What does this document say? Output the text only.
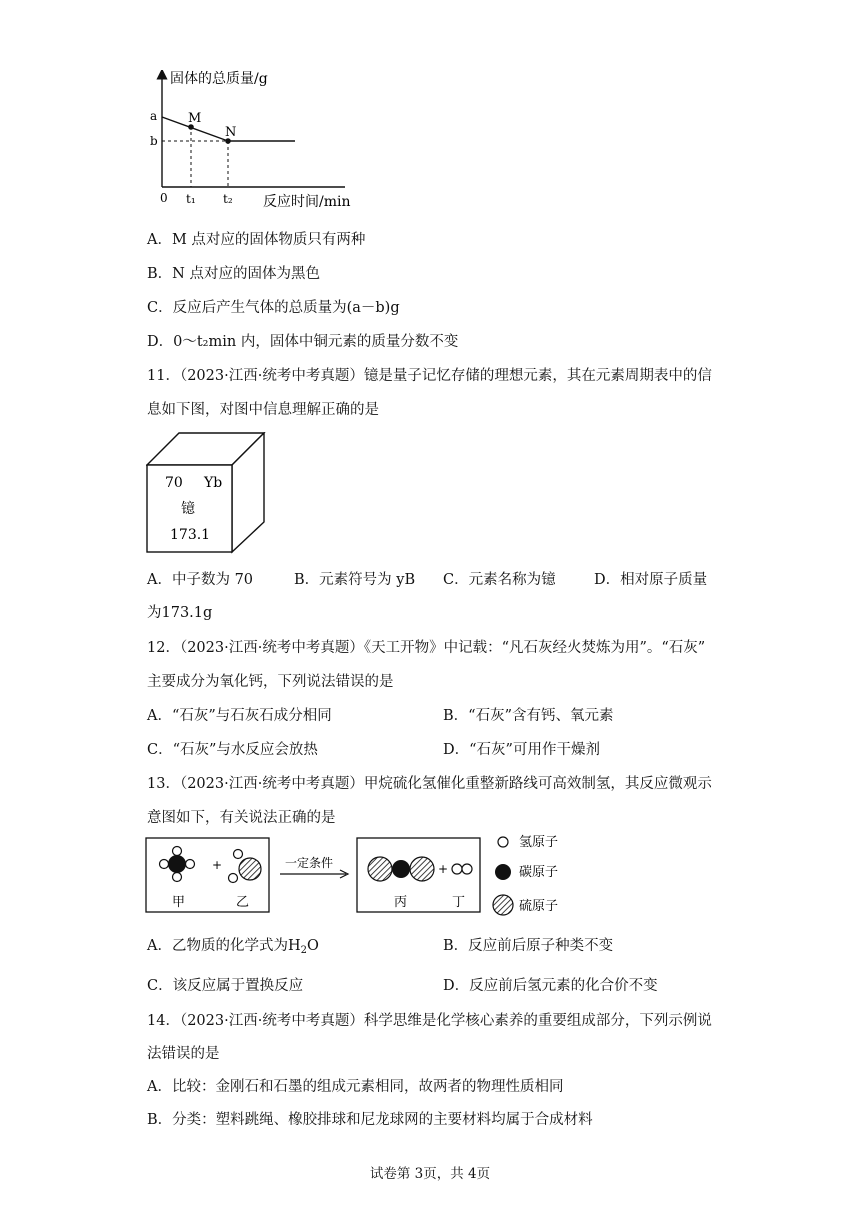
固体的总质量/g
反应时间/min
0
a
b
t₁ t₂
M
N
A．M 点对应的固体物质只有两种
B．N 点对应的固体为黑色
C．反应后产生气体的总质量为(a－b)g
D．0～t₂min 内，固体中铜元素的质量分数不变
11．（2023·江西·统考中考真题）镱是量子记忆存储的理想元素，其在元素周期表中的信
息如下图，对图中信息理解正确的是
70 Yb
镱
173.1
A．中子数为 70	B．元素符号为 yB C．元素名称为镱	D．相对原子质量
为173.1g
12．（2023·江西·统考中考真题）《天工开物》中记载：“凡石灰经火焚炼为用”。“石灰”
主要成分为氧化钙，下列说法错误的是
A．“石灰”与石灰石成分相同	B．“石灰”含有钙、氧元素
C．“石灰”与水反应会放热	D．“石灰”可用作干燥剂
13．（2023·江西·统考中考真题）甲烷硫化氢催化重整新路线可高效制氢，其反应微观示
意图如下，有关说法正确的是
+
甲	乙
一定条件	+
丙	丁
氢原子
碳原子
硫原子
A．乙物质的化学式为$H_2O$	B．反应前后原子种类不变
C．该反应属于置换反应	D．反应前后氢元素的化合价不变
14．（2023·江西·统考中考真题）科学思维是化学核心素养的重要组成部分，下列示例说
法错误的是
A．比较：金刚石和石墨的组成元素相同，故两者的物理性质相同
B．分类：塑料跳绳、橡胶排球和尼龙球网的主要材料均属于合成材料
试卷第 3页，共 4页
